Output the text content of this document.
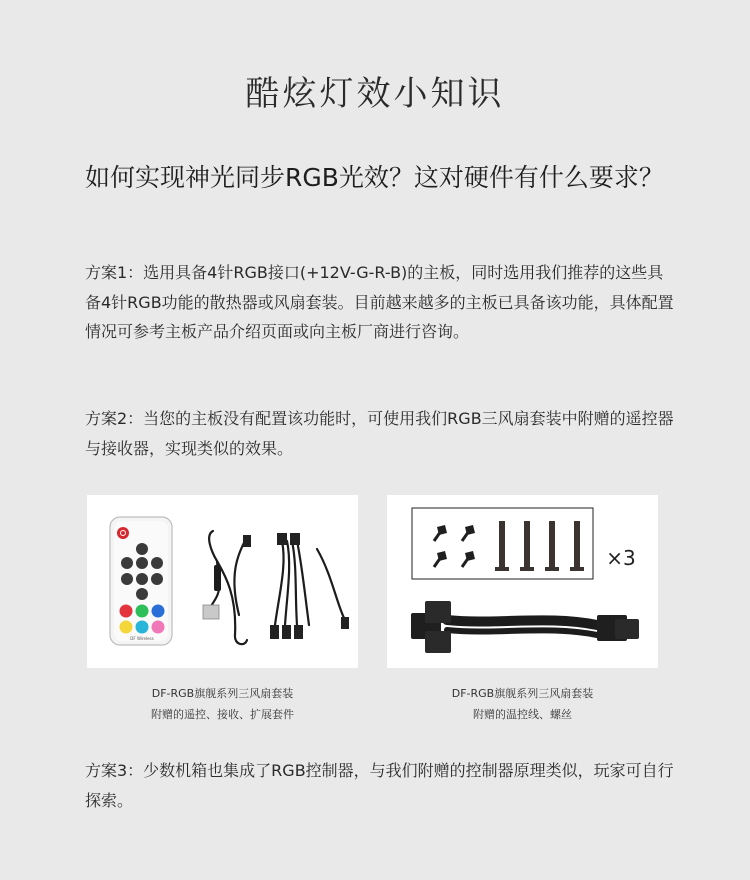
酷炫灯效小知识
如何实现神光同步RGB光效？这对硬件有什么要求？
方案1：选用具备4针RGB接口(+12V-G-R-B)的主板，同时选用我们推荐的这些具备4针RGB功能的散热器或风扇套装。目前越来越多的主板已具备该功能，具体配置情况可参考主板产品介绍页面或向主板厂商进行咨询。
方案2：当您的主板没有配置该功能时，可使用我们RGB三风扇套装中附赠的遥控器与接收器，实现类似的效果。
DF Wireless
×3
DF-RGB旗舰系列三风扇套装
附赠的遥控、接收、扩展套件
DF-RGB旗舰系列三风扇套装
附赠的温控线、螺丝
方案3：少数机箱也集成了RGB控制器，与我们附赠的控制器原理类似，玩家可自行探索。
